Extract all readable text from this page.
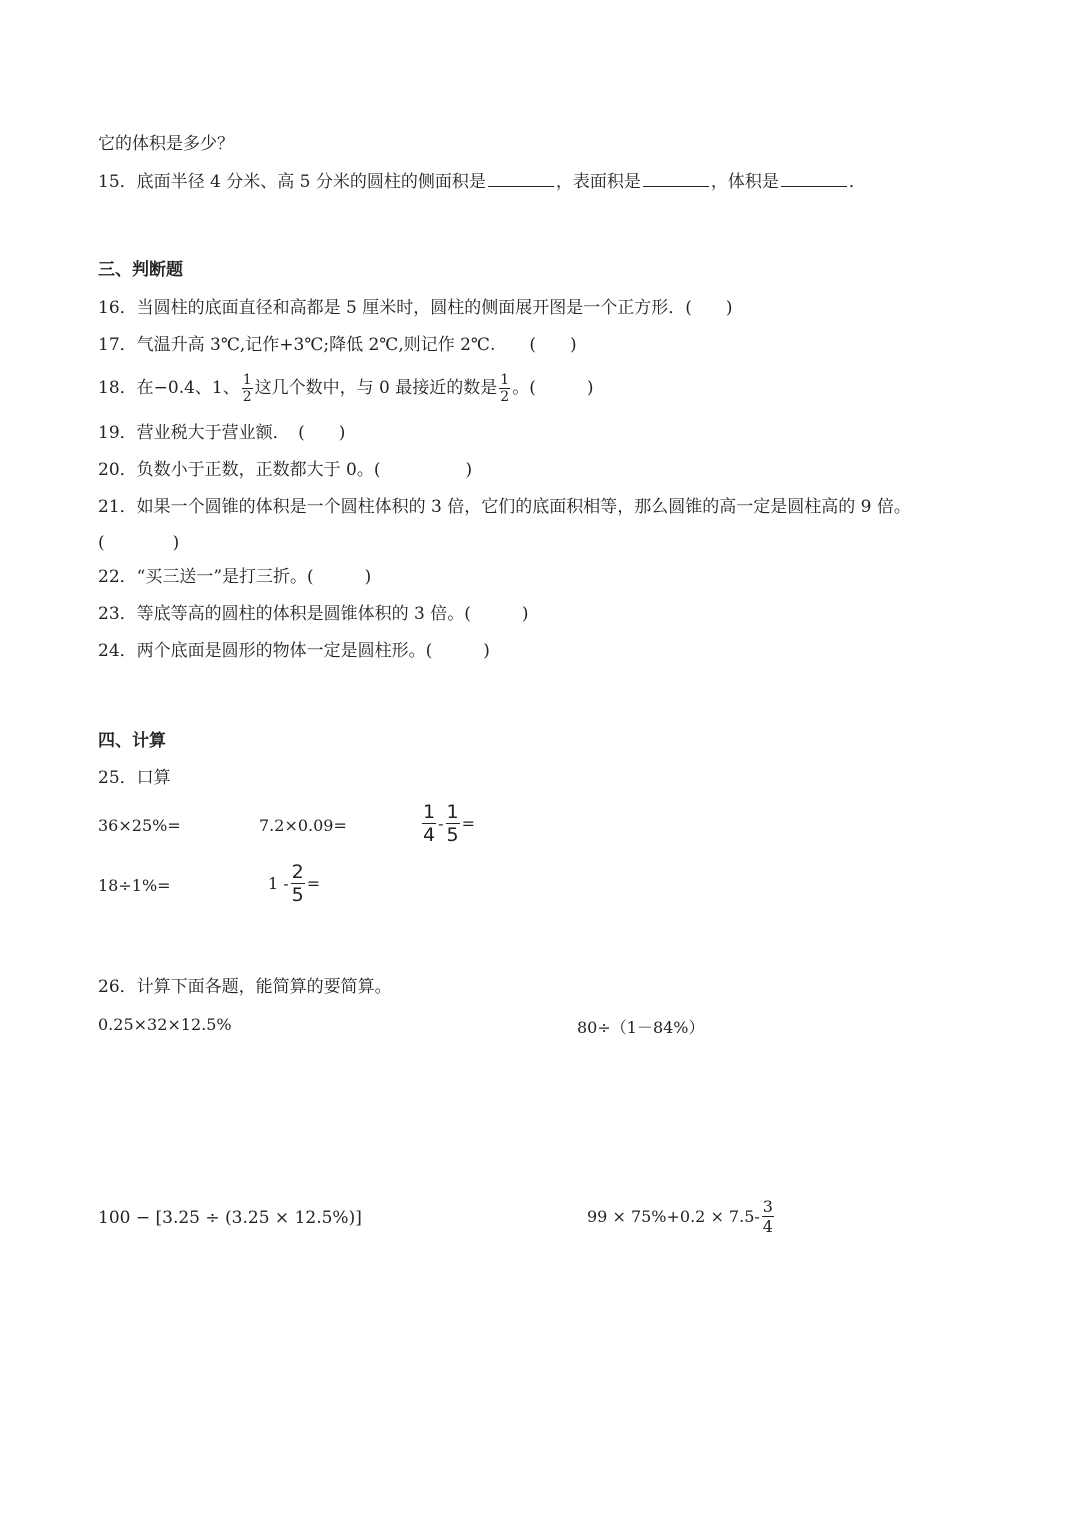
它的体积是多少？
15．底面半径 4 分米、高 5 分米的圆柱的侧面积是	，表面积是	，体积是	．
三、判断题
16．当圆柱的底面直径和高都是 5 厘米时，圆柱的侧面展开图是一个正方形．(　　)
17．气温升高 3℃,记作+3℃;降低 2℃,则记作 2℃.　　(　　)
18．在−0.4、1、 $\frac{1}{2}$ 这几个数中，与 0 最接近的数是 $\frac{1}{2}$ 。(　　　)
19．营业税大于营业额．　(　　)
20．负数小于正数，正数都大于 0。(　　　　　)
21．如果一个圆锥的体积是一个圆柱体积的 3 倍，它们的底面积相等，那么圆锥的高一定是圆柱高的 9 倍。
(　　　　)
22．“买三送一”是打三折。(　　　)
23．等底等高的圆柱的体积是圆锥体积的 3 倍。(　　　)
24．两个底面是圆形的物体一定是圆柱形。(　　　)
四、计算
25．口算
36×25%=	7.2×0.09=	$\frac{1}{4} - \frac{1}{5}$ =
18÷1%=	$1 - \frac{2}{5}$ =
26．计算下面各题，能简算的要简算。
0.25×32×12.5%	80÷（1－84%）
100 − [3.25 ÷ (3.25 × 12.5%)]	$99 \times 75\%+0.2 \times 7.5- \frac{3}{4}$
